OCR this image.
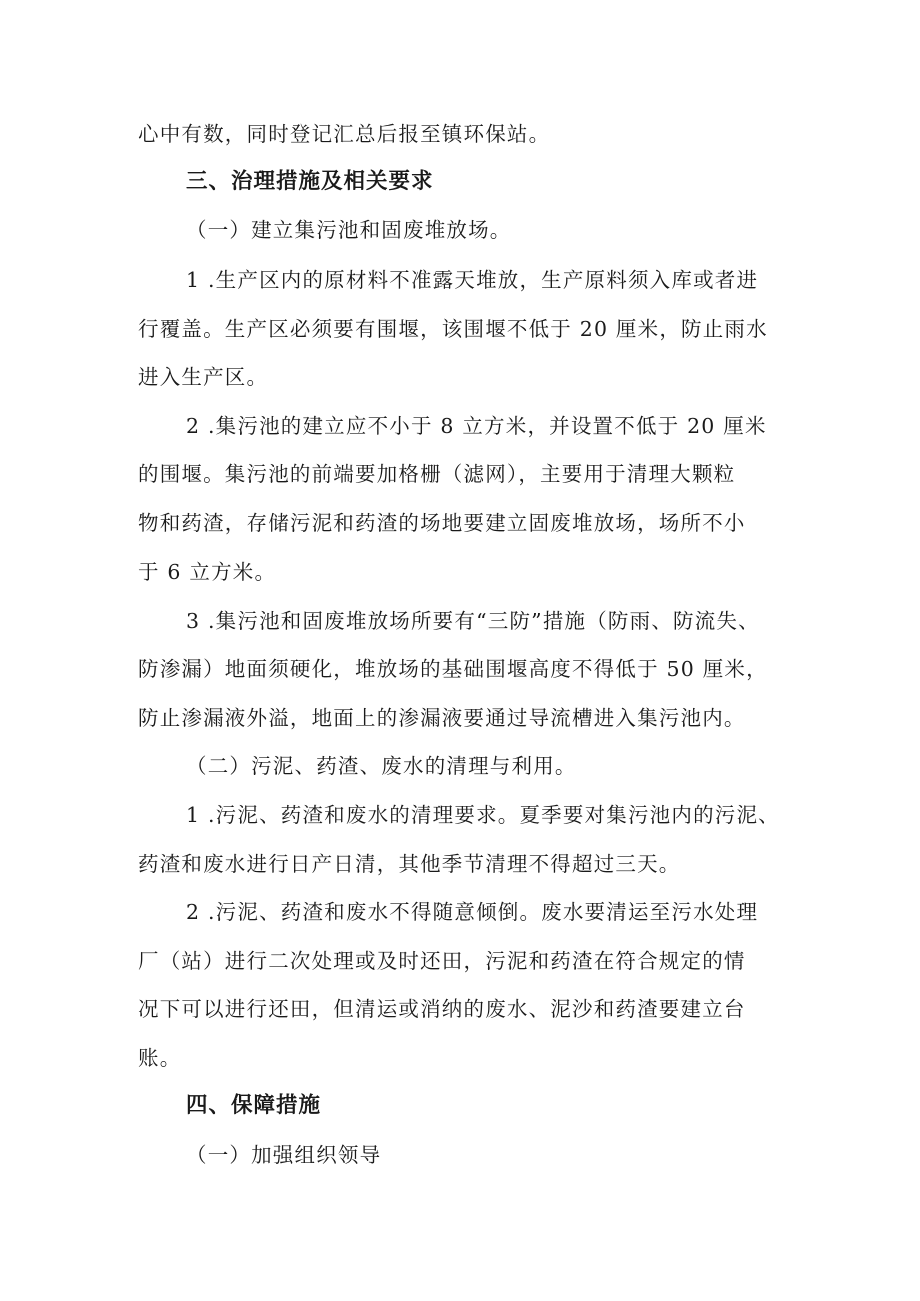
心中有数，同时登记汇总后报至镇环保站。
三、治理措施及相关要求
（一）建立集污池和固废堆放场。
1 .生产区内的原材料不准露天堆放，生产原料须入库或者进
行覆盖。生产区必须要有围堰，该围堰不低于 20 厘米，防止雨水
进入生产区。
2 .集污池的建立应不小于 8 立方米，并设置不低于 20 厘米
的围堰。集污池的前端要加格栅（滤网），主要用于清理大颗粒
物和药渣，存储污泥和药渣的场地要建立固废堆放场，场所不小
于 6 立方米。
3 .集污池和固废堆放场所要有“三防”措施（防雨、防流失、
防渗漏）地面须硬化，堆放场的基础围堰高度不得低于 50 厘米，
防止渗漏液外溢，地面上的渗漏液要通过导流槽进入集污池内。
（二）污泥、药渣、废水的清理与利用。
1 .污泥、药渣和废水的清理要求。夏季要对集污池内的污泥、
药渣和废水进行日产日清，其他季节清理不得超过三天。
2 .污泥、药渣和废水不得随意倾倒。废水要清运至污水处理
厂（站）进行二次处理或及时还田，污泥和药渣在符合规定的情
况下可以进行还田，但清运或消纳的废水、泥沙和药渣要建立台
账。
四、保障措施
（一）加强组织领导
